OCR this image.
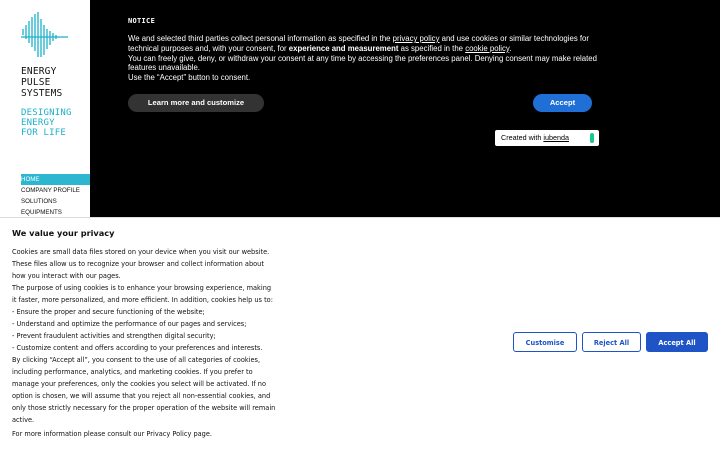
ENERGY
PULSE
SYSTEMS
DESIGNING
ENERGY
FOR LIFE
HOME
COMPANY PROFILE
SOLUTIONS
EQUIPMENTS
NOTICE
We and selected third parties collect personal information as specified in the privacy policy and use cookies or similar technologies for technical purposes and, with your consent, for experience and measurement as specified in the cookie policy.
You can freely give, deny, or withdraw your consent at any time by accessing the preferences panel. Denying consent may make related features unavailable.
Use the “Accept” button to consent.
Learn more and customize	Accept
Created with iubenda
We value your privacy
Cookies are small data files stored on your device when you visit our website.
These files allow us to recognize your browser and collect information about
how you interact with our pages.
The purpose of using cookies is to enhance your browsing experience, making
it faster, more personalized, and more efficient. In addition, cookies help us to:
- Ensure the proper and secure functioning of the website;
- Understand and optimize the performance of our pages and services;
- Prevent fraudulent activities and strengthen digital security;
- Customize content and offers according to your preferences and interests.
By clicking “Accept all”, you consent to the use of all categories of cookies,
including performance, analytics, and marketing cookies. If you prefer to
manage your preferences, only the cookies you select will be activated. If no
option is chosen, we will assume that you reject all non-essential cookies, and
only those strictly necessary for the proper operation of the website will remain
active.
For more information please consult our Privacy Policy page.
Customise	Reject All	Accept All
